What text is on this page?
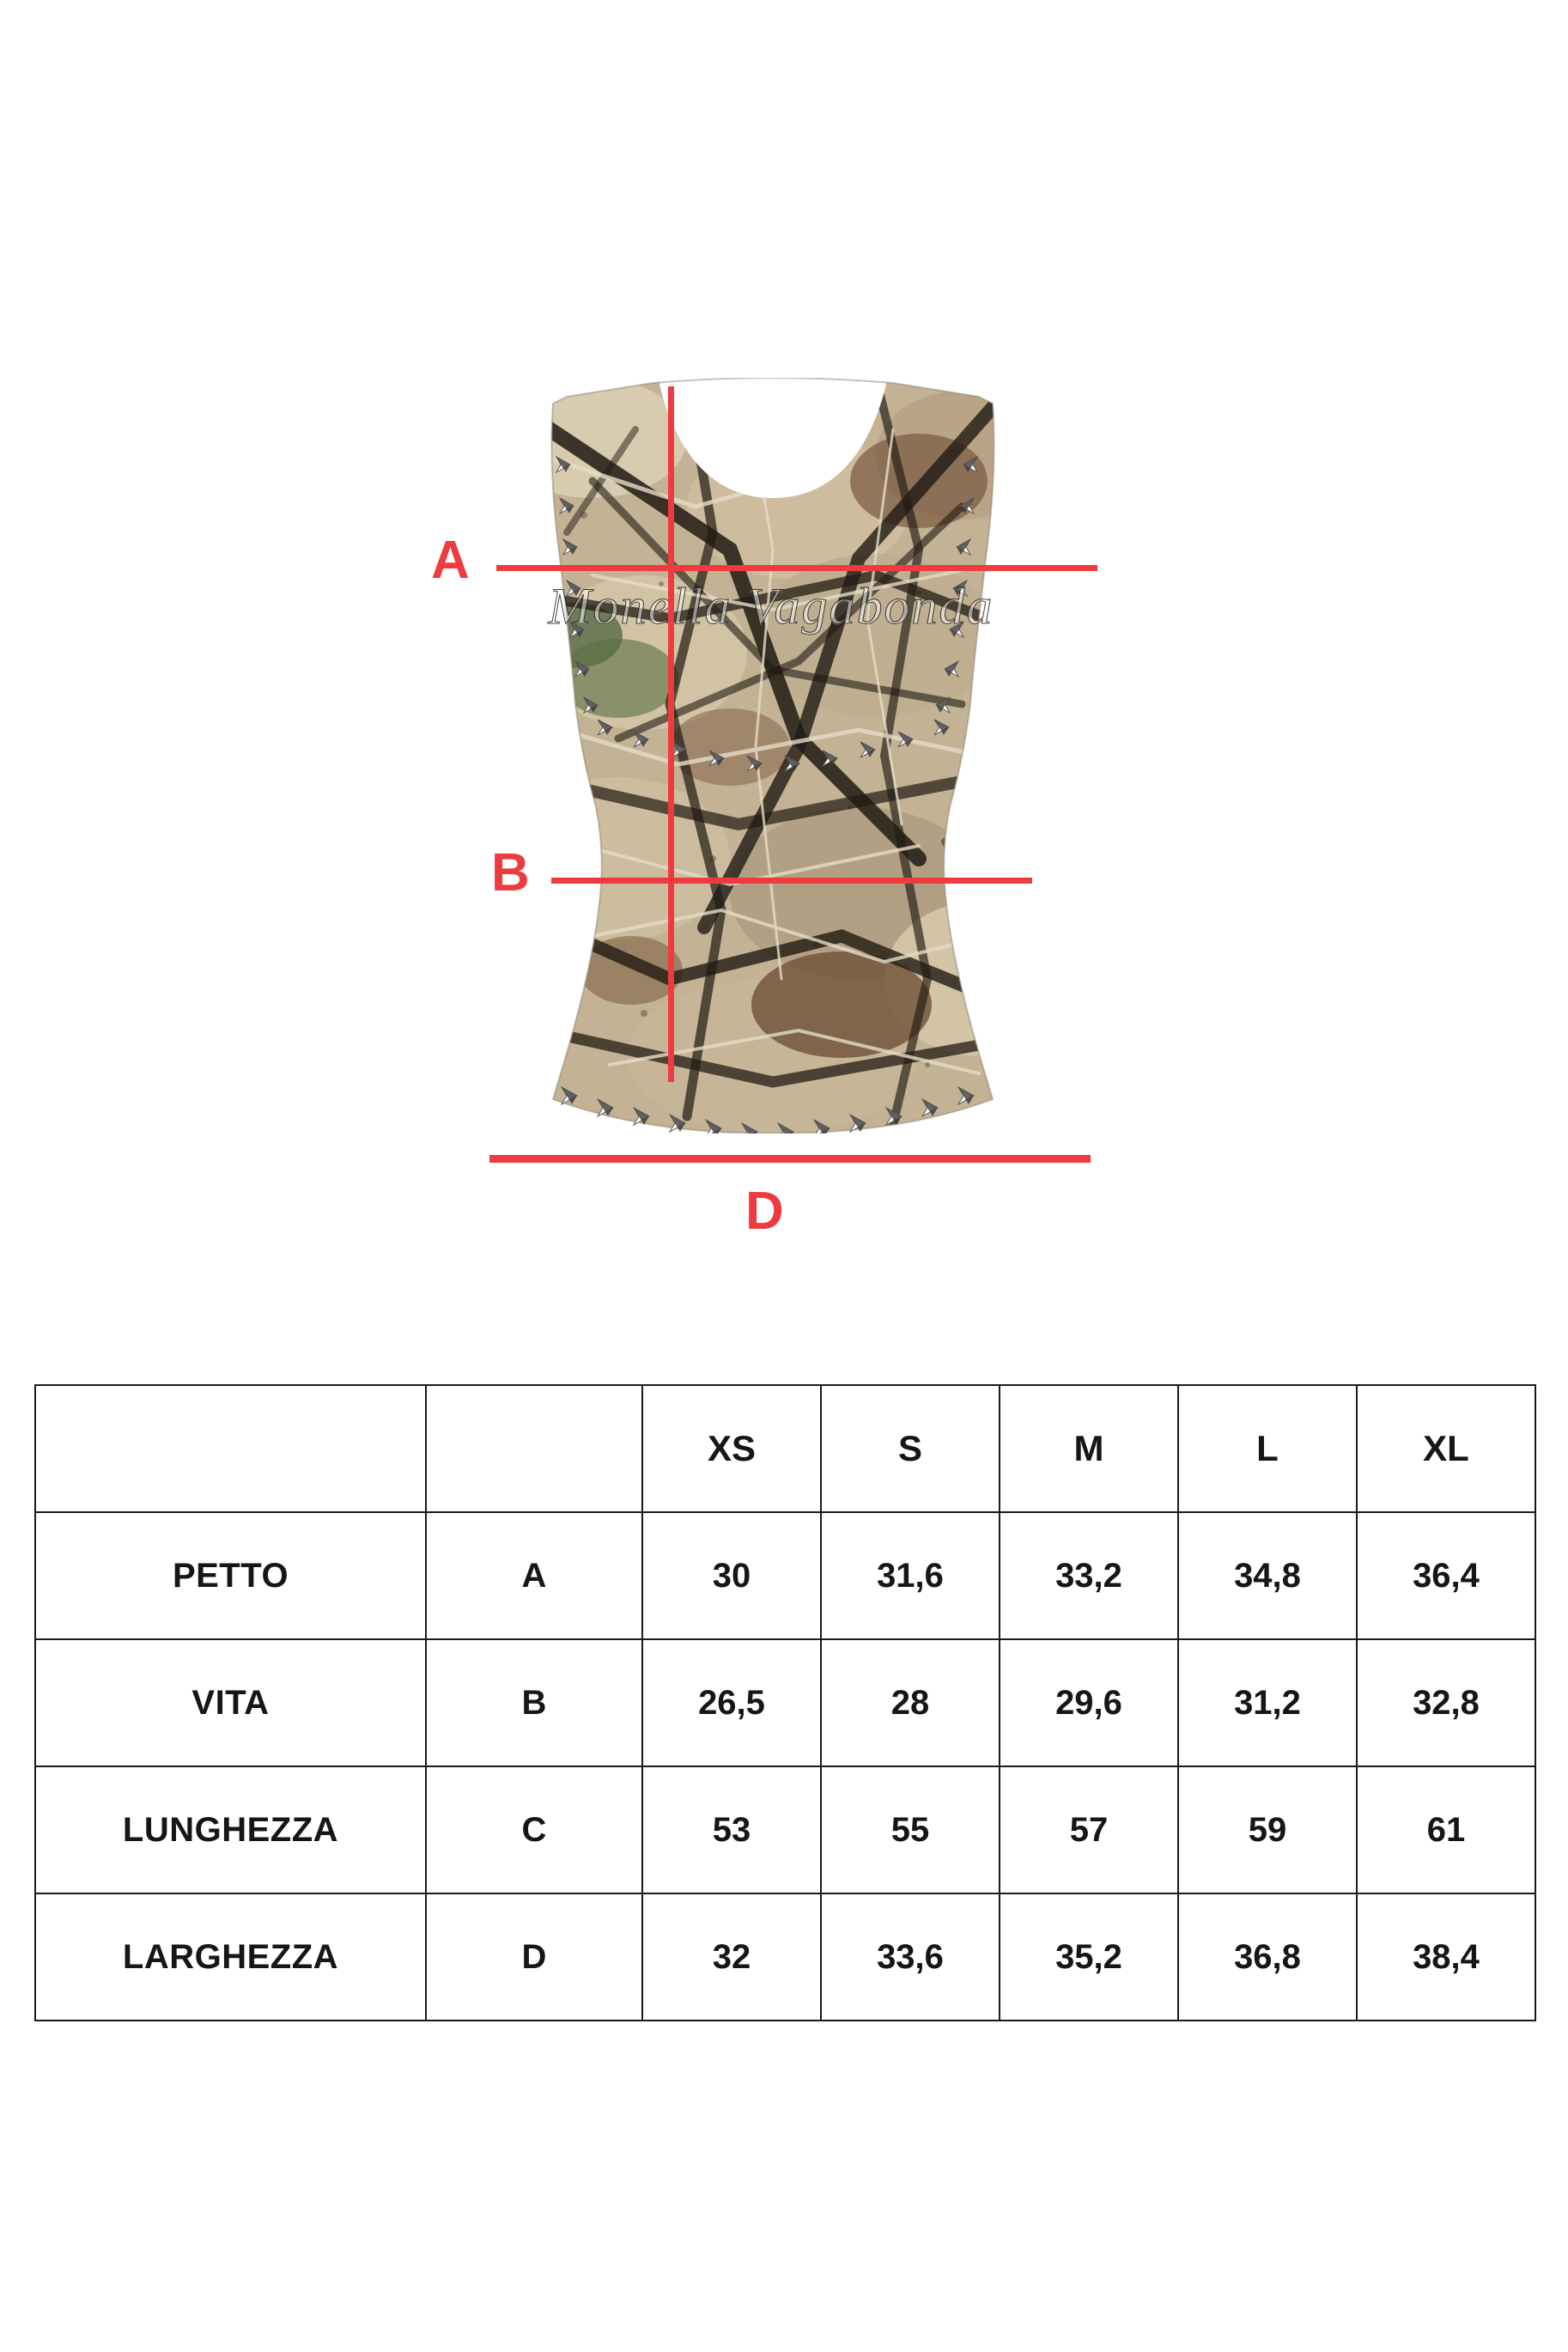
A
B
D
		XS	S	M	L	XL
PETTO	A	30	31,6	33,2	34,8	36,4
VITA	B	26,5	28	29,6	31,2	32,8
LUNGHEZZA	C	53	55	57	59	61
LARGHEZZA	D	32	33,6	35,2	36,8	38,4
